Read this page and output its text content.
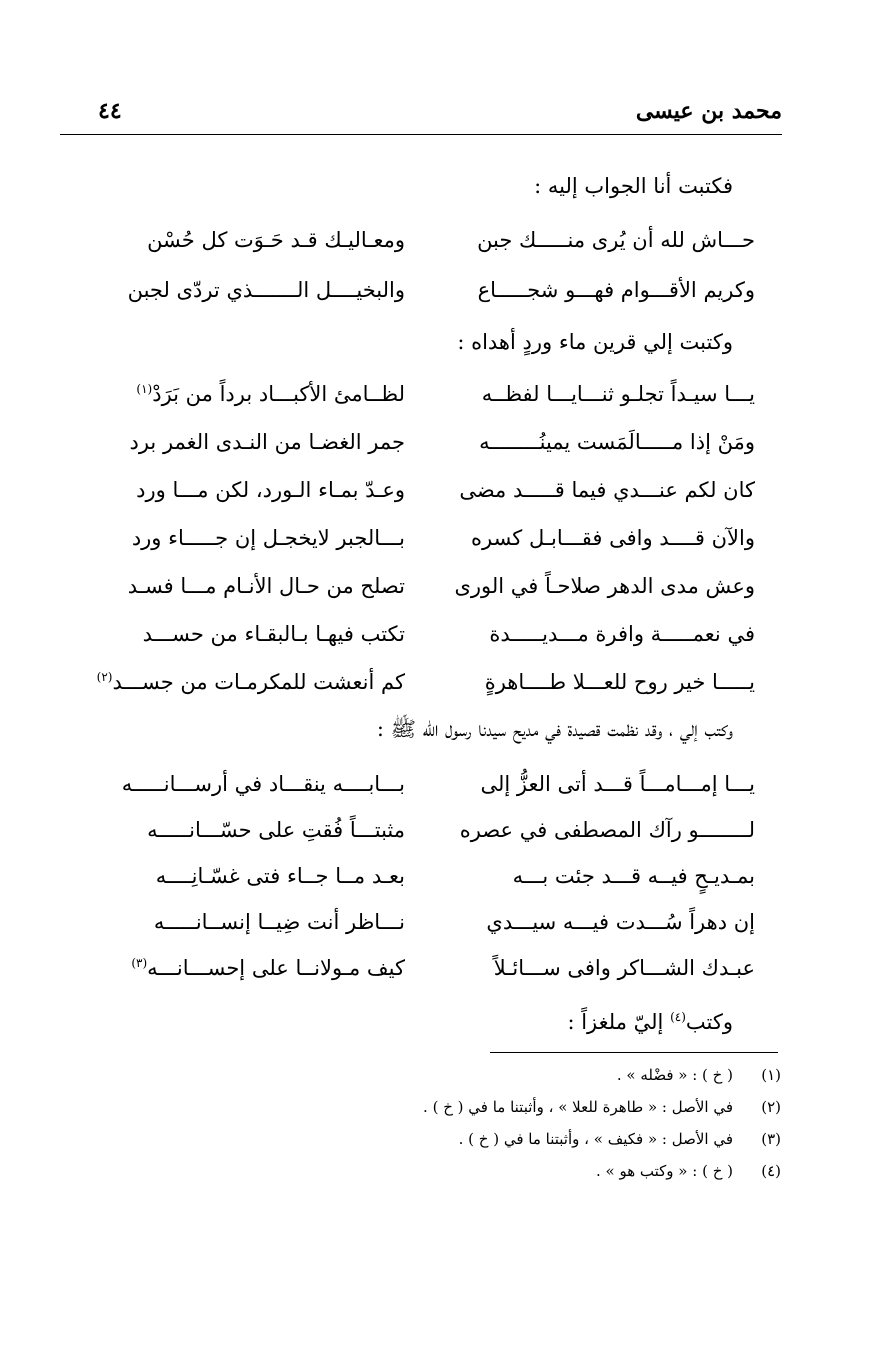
محمد بن عيسى
٤٤
فكتبت أنا الجواب إليه :
حـــاش لله أن يُرى منـــــك جبن
ومعـاليـك قـد حَـوَت كل حُسْن
وكريم الأقـــوام فهـــو شجـــــاع
والبخيــــل الـــــــذي تردّى لجبن
وكتبت إلي قرين ماء وردٍ أهداه :
يـــا سيـداً تجلـو ثنـــايـــا لفظــه
لظــامئ الأكبـــاد برداً من بَرَدْ$^{(١)}$
ومَنْ إذا مـــــالَمَست يمينُــــــــه
جمر الغضـا من النـدى الغمر برد
كان لكم عنـــدي فيما قـــــد مضى
وعـدّ بمـاء الـورد، لكن مـــا ورد
والآن قــــد وافى فقـــابـل كسره
بـــالجبر لايخجـل إن جـــــاء ورد
وعش مدى الدهر صلاحـاً في الورى
تصلح من حـال الأنـام مـــا فسـد
في نعمـــــة وافرة مـــديـــــدة
تكتب فيهـا بـالبقـاء من حســـد
يـــــا خير روح للعـــلا طــــاهرةٍ
كم أنعشت للمكرمـات من جســـد$^{(٢)}$
وكتب إلي ، وقد نظمت قصيدة في مديح سيدنا رسول الله ﷺ :
يـــا إمـــامـــاً قـــد أتى العزُّ إلى
بـــابــــه ينقـــاد في أرســـانـــــه
لــــــــو رآك المصطفى في عصره
مثبتـــاً فُقتِ على حسّـــانـــــه
بمـديـحٍ فيــه قـــد جئت بـــه
بعـد مــا جــاء فتى غسّـانِــــه
إن دهراً سُـــدت فيـــه سيـــدي
نـــاظر أنت ضِيــا إنســانـــــه
عبـدك الشـــاكر وافى ســـائـلاً
كيف مـولانــا على إحســـانـــه$^{(٣)}$
وكتب$^{(٤)}$ إليّ ملغزاً :
(١)
( خ ) : « فضْله » .
(٢)
في الأصل : « طاهرة للعلا » ، وأثبتنا ما في ( خ ) .
(٣)
في الأصل : « فكيف » ، وأثبتنا ما في ( خ ) .
(٤)
( خ ) : « وكتب هو » .
